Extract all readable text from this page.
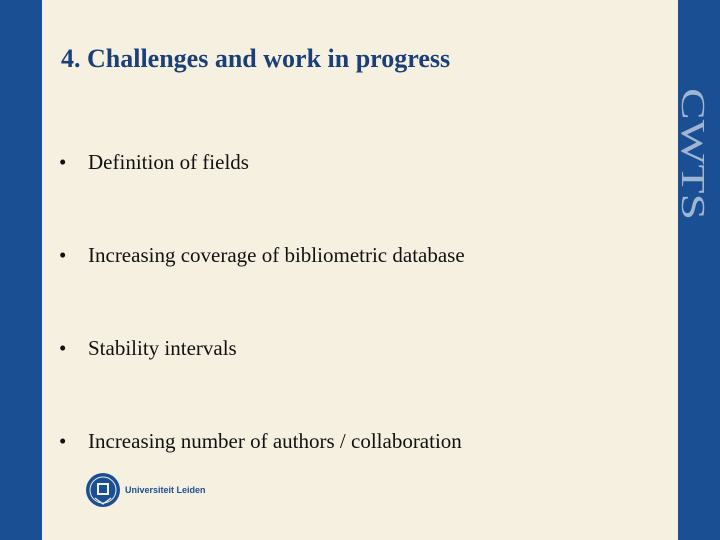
4. Challenges and work in progress
• Definition of fields
• Increasing coverage of bibliometric database
• Stability intervals
• Increasing number of authors / collaboration
CWTS
Universiteit Leiden
